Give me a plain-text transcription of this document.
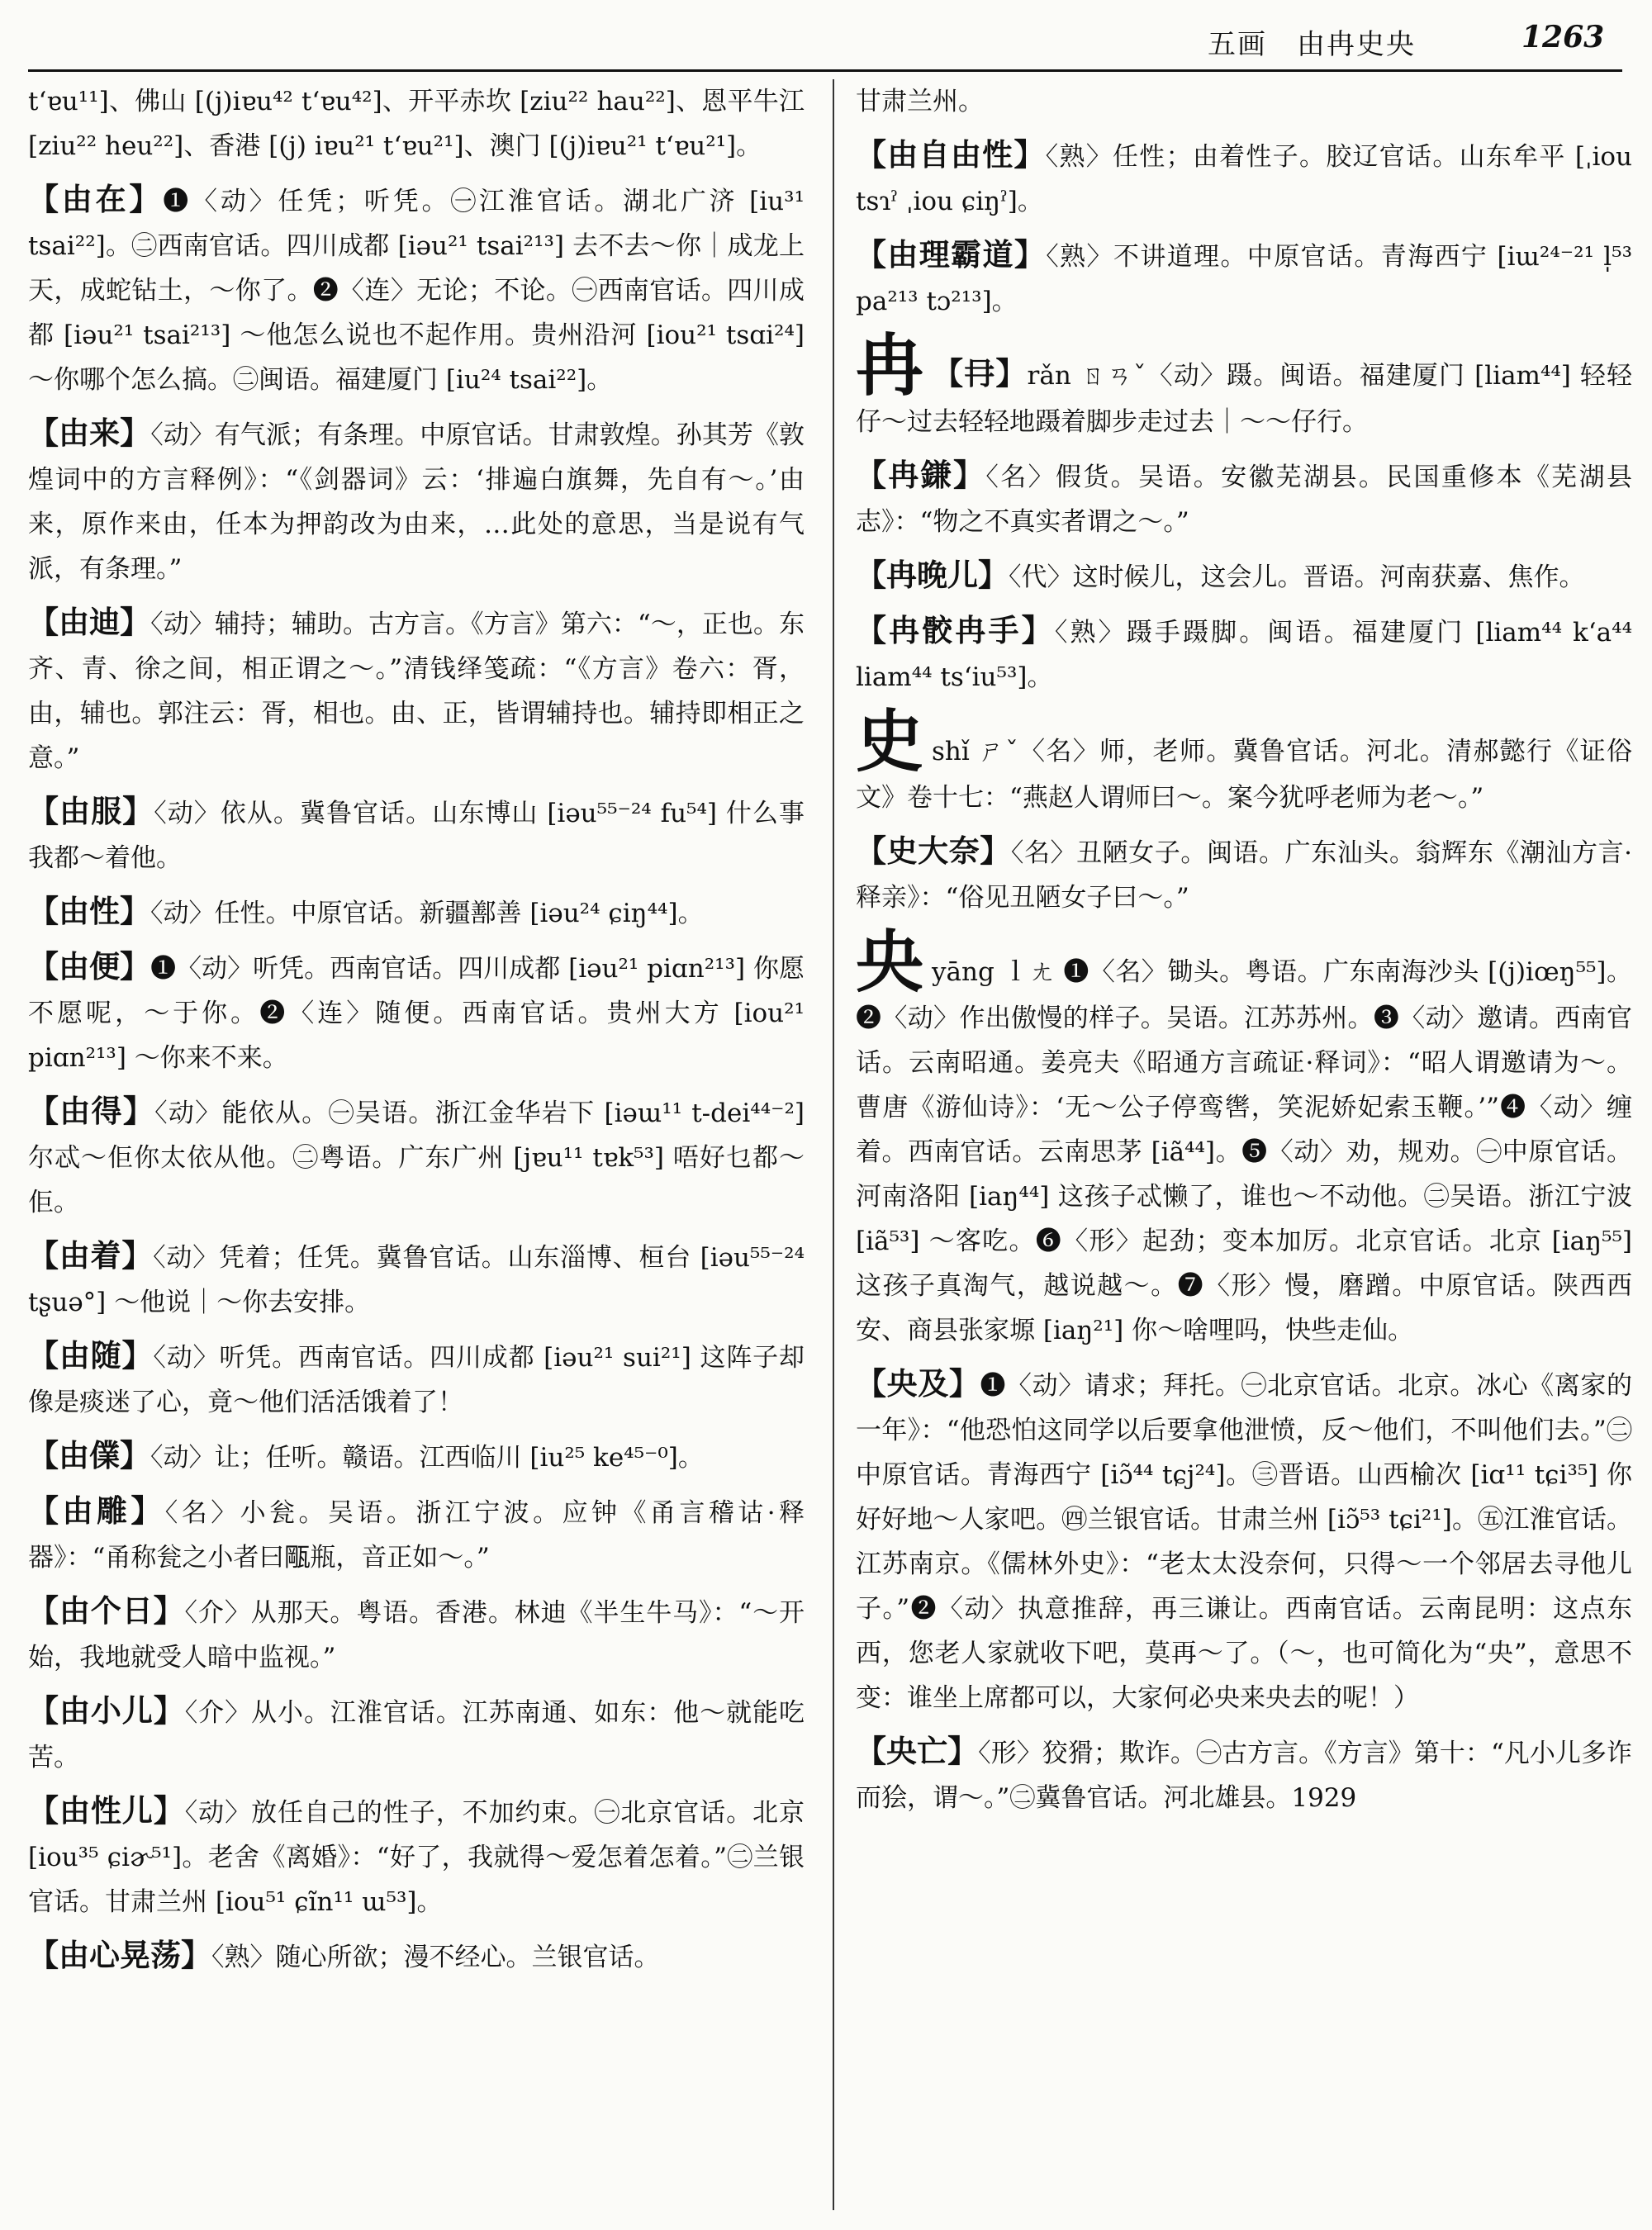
五画　由冉史央	1263
t‘ɐu¹¹]、佛山 [(j)iɐu⁴² t‘ɐu⁴²]、开平赤坎 [ziu²² hau²²]、恩平牛江 [ziu²² heu²²]、香港 [(j) iɐu²¹ t‘ɐu²¹]、澳门 [(j)iɐu²¹ t‘ɐu²¹]。
【由在】❶〈动〉任凭；听凭。㊀江淮官话。湖北广济 [iu³¹ tsai²²]。㊁西南官话。四川成都 [iəu²¹ tsai²¹³] 去不去～你｜成龙上天，成蛇钻土，～你了。❷〈连〉无论；不论。㊀西南官话。四川成都 [iəu²¹ tsai²¹³] ～他怎么说也不起作用。贵州沿河 [iou²¹ tsɑi²⁴] ～你哪个怎么搞。㊁闽语。福建厦门 [iu²⁴ tsai²²]。
【由来】〈动〉有气派；有条理。中原官话。甘肃敦煌。孙其芳《敦煌词中的方言释例》：“《剑器词》云：‘排遍白旗舞，先自有～。’由来，原作来由，任本为押韵改为由来，…此处的意思，当是说有气派，有条理。”
【由迪】〈动〉辅持；辅助。古方言。《方言》第六：“～，正也。东齐、青、徐之间，相正谓之～。”清钱绎笺疏：“《方言》卷六：胥，由，辅也。郭注云：胥，相也。由、正，皆谓辅持也。辅持即相正之意。”
【由服】〈动〉依从。冀鲁官话。山东博山 [iəu⁵⁵⁻²⁴ fu⁵⁴] 什么事我都～着他。
【由性】〈动〉任性。中原官话。新疆鄯善 [iəu²⁴ ɕiŋ⁴⁴]。
【由便】❶〈动〉听凭。西南官话。四川成都 [iəu²¹ piɑn²¹³] 你愿不愿呢，～于你。❷〈连〉随便。西南官话。贵州大方 [iou²¹ piɑn²¹³] ～你来不来。
【由得】〈动〉能依从。㊀吴语。浙江金华岩下 [iəɯ¹¹ t-dei⁴⁴⁻²] 尔忒～佢你太依从他。㊁粤语。广东广州 [jɐu¹¹ tɐk⁵³] 唔好乜都～佢。
【由着】〈动〉凭着；任凭。冀鲁官话。山东淄博、桓台 [iəu⁵⁵⁻²⁴ tʂuə°] ～他说｜～你去安排。
【由随】〈动〉听凭。西南官话。四川成都 [iəu²¹ sui²¹] 这阵子却像是痰迷了心，竟～他们活活饿着了！
【由㒒】〈动〉让；任听。赣语。江西临川 [iu²⁵ ke⁴⁵⁻⁰]。
【由雕】〈名〉小瓮。吴语。浙江宁波。应钟《甬言稽诂·释器》：“甬称瓮之小者曰𤭛瓶，音正如～。”
【由个日】〈介〉从那天。粤语。香港。林迪《半生牛马》：“～开始，我地就受人暗中监视。”
【由小儿】〈介〉从小。江淮官话。江苏南通、如东：他～就能吃苦。
【由性儿】〈动〉放任自己的性子，不加约束。㊀北京官话。北京 [iou³⁵ ɕiɚ⁵¹]。老舍《离婚》：“好了，我就得～爱怎着怎着。”㊁兰银官话。甘肃兰州 [iou⁵¹ ɕĩn¹¹ ɯ⁵³]。
【由心晃荡】〈熟〉随心所欲；漫不经心。兰银官话。
甘肃兰州。
【由自由性】〈熟〉任性；由着性子。胶辽官话。山东牟平 [ˌiou tsɿˀ ˌiou ɕiŋˀ]。
【由理霸道】〈熟〉不讲道理。中原官话。青海西宁 [iɯ²⁴⁻²¹ l̩⁵³ pa²¹³ tɔ²¹³]。
冉 【冄】rǎn ㄖㄢˇ〈动〉蹑。闽语。福建厦门 [liam⁴⁴] 轻轻仔～过去轻轻地蹑着脚步走过去｜～～仔行。
【冉鎌】〈名〉假货。吴语。安徽芜湖县。民国重修本《芜湖县志》：“物之不真实者谓之～。”
【冉晚儿】〈代〉这时候儿，这会儿。晋语。河南获嘉、焦作。
【冉骹冉手】〈熟〉蹑手蹑脚。闽语。福建厦门 [liam⁴⁴ k‘a⁴⁴ liam⁴⁴ ts‘iu⁵³]。
史shǐ ㄕˇ〈名〉师，老师。冀鲁官话。河北。清郝懿行《证俗文》卷十七：“燕赵人谓师曰～。案今犹呼老师为老～。”
【史大奈】〈名〉丑陋女子。闽语。广东汕头。翁辉东《潮汕方言·释亲》：“俗见丑陋女子曰～。”
央yāng ｌㄤ ❶〈名〉锄头。粤语。广东南海沙头 [(j)iœŋ⁵⁵]。❷〈动〉作出傲慢的样子。吴语。江苏苏州。❸〈动〉邀请。西南官话。云南昭通。姜亮夫《昭通方言疏证·释词》：“昭人谓邀请为～。曹唐《游仙诗》：‘无～公子停鸾辔，笑泥娇妃索玉鞭。’”❹〈动〉缠着。西南官话。云南思茅 [iã⁴⁴]。❺〈动〉劝，规劝。㊀中原官话。河南洛阳 [iaŋ⁴⁴] 这孩子忒懒了，谁也～不动他。㊁吴语。浙江宁波 [iã⁵³] ～客吃。❻〈形〉起劲；变本加厉。北京官话。北京 [iaŋ⁵⁵] 这孩子真淘气，越说越～。❼〈形〉慢，磨蹭。中原官话。陕西西安、商县张家塬 [iaŋ²¹] 你～啥哩吗，快些走仙。
【央及】❶〈动〉请求；拜托。㊀北京官话。北京。冰心《离家的一年》：“他恐怕这同学以后要拿他泄愤，反～他们，不叫他们去。”㊁中原官话。青海西宁 [iɔ̃⁴⁴ tɕj²⁴]。㊂晋语。山西榆次 [iɑ¹¹ tɕi³⁵] 你好好地～人家吧。㊃兰银官话。甘肃兰州 [iɔ̃⁵³ tɕi²¹]。㊄江淮官话。江苏南京。《儒林外史》：“老太太没奈何，只得～一个邻居去寻他儿子。”❷〈动〉执意推辞，再三谦让。西南官话。云南昆明：这点东西，您老人家就收下吧，莫再～了。（～，也可简化为“央”，意思不变：谁坐上席都可以，大家何必央来央去的呢！）
【央亡】〈形〉狡猾；欺诈。㊀古方言。《方言》第十：“凡小儿多诈而狯，谓～。”㊁冀鲁官话。河北雄县。1929
